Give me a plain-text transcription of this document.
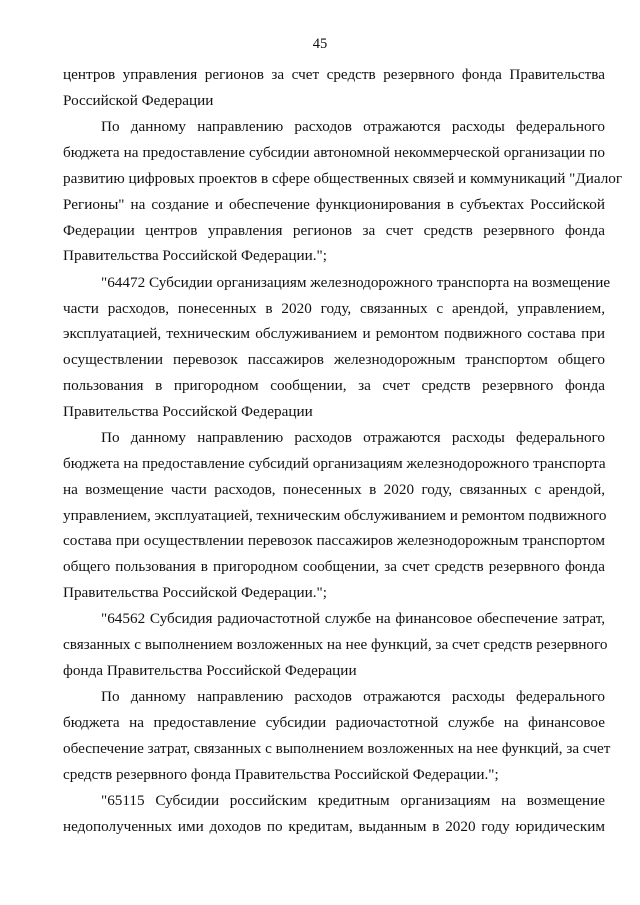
45

центров управления регионов за счет средств резервного фонда Правительства
Российской Федерации

По данному направлению расходов отражаются расходы федерального
бюджета на предоставление субсидии автономной некоммерческой организации по
развитию цифровых проектов в сфере общественных связей и коммуникаций "Диалог
Регионы" на создание и обеспечение функционирования в субъектах Российской
Федерации центров управления регионов за счет средств резервного фонда
Правительства Российской Федерации.";

"64472 Субсидии организациям железнодорожного транспорта на возмещение
части расходов, понесенных в 2020 году, связанных с арендой, управлением,
эксплуатацией, техническим обслуживанием и ремонтом подвижного состава при
осуществлении перевозок пассажиров железнодорожным транспортом общего
пользования в пригородном сообщении, за счет средств резервного фонда
Правительства Российской Федерации

По данному направлению расходов отражаются расходы федерального
бюджета на предоставление субсидий организациям железнодорожного транспорта
на возмещение части расходов, понесенных в 2020 году, связанных с арендой,
управлением, эксплуатацией, техническим обслуживанием и ремонтом подвижного
состава при осуществлении перевозок пассажиров железнодорожным транспортом
общего пользования в пригородном сообщении, за счет средств резервного фонда
Правительства Российской Федерации.";

"64562 Субсидия радиочастотной службе на финансовое обеспечение затрат,
связанных с выполнением возложенных на нее функций, за счет средств резервного
фонда Правительства Российской Федерации

По данному направлению расходов отражаются расходы федерального
бюджета на предоставление субсидии радиочастотной службе на финансовое
обеспечение затрат, связанных с выполнением возложенных на нее функций, за счет
средств резервного фонда Правительства Российской Федерации.";

"65115 Субсидии российским кредитным организациям на возмещение
недополученных ими доходов по кредитам, выданным в 2020 году юридическим
